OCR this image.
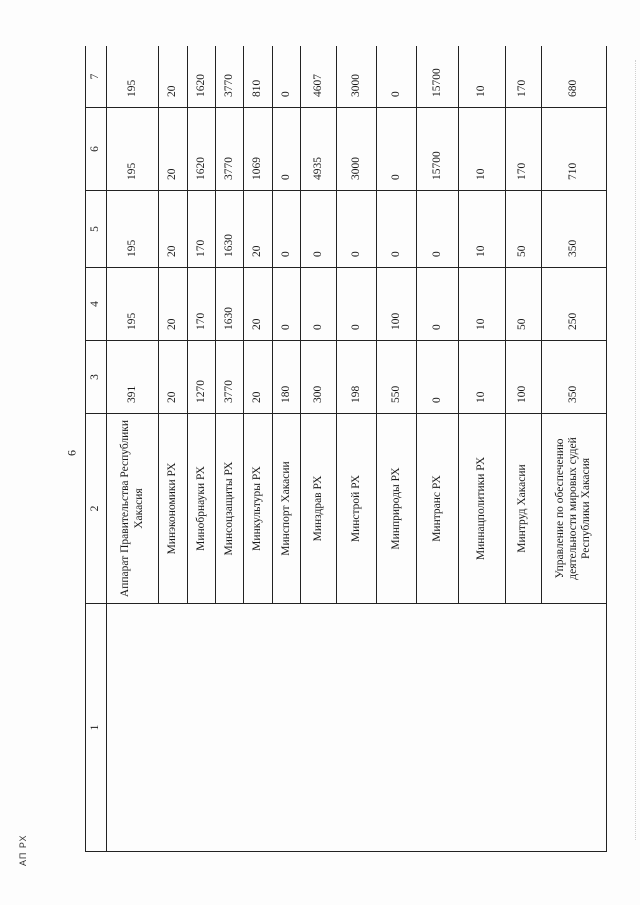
6
АП РХ
1	2	3	4	5	6	7
	Аппарат Правительства Республики Хакасия	391	195	195	195	195
	Минэкономики РХ	20	20	20	20	20
	Минобрнауки РХ	1270	170	170	1620	1620
	Минсоцзащиты РХ	3770	1630	1630	3770	3770
	Минкультуры РХ	20	20	20	1069	810
	Минспорт Хакасии	180	0	0	0	0
	Минздрав РХ	300	0	0	4935	4607
	Минстрой РХ	198	0	0	3000	3000
	Минприроды РХ	550	100	0	0	0
	Минтранс РХ	0	0	0	15700	15700
	Миннацполитики РХ	10	10	10	10	10
	Минтруд Хакасии	100	50	50	170	170
	Управление по обеспечению деятельности мировых судей Республики Хакасия	350	250	350	710	680
